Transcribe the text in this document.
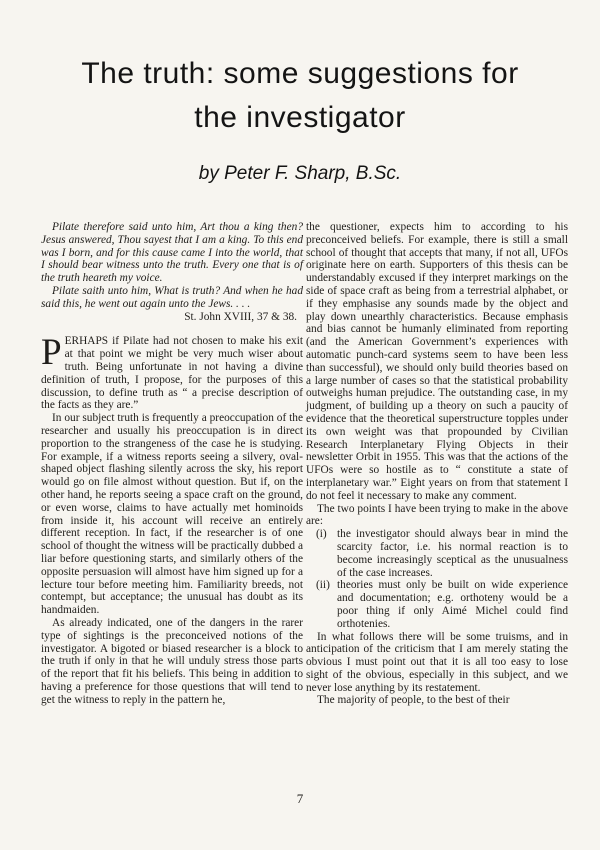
The truth: some suggestions for
the investigator
by Peter F. Sharp, B.Sc.

Pilate therefore said unto him, Art thou a king then? Jesus answered, Thou sayest that I am a king. To this end was I born, and for this cause came I into the world, that I should bear witness unto the truth. Every one that is of the truth heareth my voice.

Pilate saith unto him, What is truth? And when he had said this, he went out again unto the Jews. . . .

St. John XVIII, 37 & 38.

PERHAPS if Pilate had not chosen to make his exit at that point we might be very much wiser about truth. Being unfortunate in not having a divine definition of truth, I propose, for the purposes of this discussion, to define truth as “ a precise description of the facts as they are.”

In our subject truth is frequently a preoccupation of the researcher and usually his preoccupation is in direct proportion to the strangeness of the case he is studying. For example, if a witness reports seeing a silvery, oval-shaped object flashing silently across the sky, his report would go on file almost without question. But if, on the other hand, he reports seeing a space craft on the ground, or even worse, claims to have actually met hominoids from inside it, his account will receive an entirely different reception. In fact, if the researcher is of one school of thought the witness will be practically dubbed a liar before questioning starts, and similarly others of the opposite persuasion will almost have him signed up for a lecture tour before meeting him. Familiarity breeds, not contempt, but acceptance; the unusual has doubt as its handmaiden.

As already indicated, one of the dangers in the rarer type of sightings is the preconceived notions of the investigator. A bigoted or biased researcher is a block to the truth if only in that he will unduly stress those parts of the report that fit his beliefs. This being in addition to having a preference for those questions that will tend to get the witness to reply in the pattern he,

the questioner, expects him to according to his preconceived beliefs. For example, there is still a small school of thought that accepts that many, if not all, UFOs originate here on earth. Supporters of this thesis can be understandably excused if they interpret markings on the side of space craft as being from a terrestrial alphabet, or if they emphasise any sounds made by the object and play down unearthly characteristics. Because emphasis and bias cannot be humanly eliminated from reporting (and the American Government’s experiences with automatic punch-card systems seem to have been less than successful), we should only build theories based on a large number of cases so that the statistical probability outweighs human prejudice. The outstanding case, in my judgment, of building up a theory on such a paucity of evidence that the theoretical superstructure topples under its own weight was that propounded by Civilian Research Interplanetary Flying Objects in their newsletter Orbit in 1955. This was that the actions of the UFOs were so hostile as to “ constitute a state of interplanetary war.” Eight years on from that statement I do not feel it necessary to make any comment.

The two points I have been trying to make in the above are:

(i) the investigator should always bear in mind the scarcity factor, i.e. his normal reaction is to become increasingly sceptical as the unusualness of the case increases.
(ii) theories must only be built on wide experience and documentation; e.g. orthoteny would be a poor thing if only Aimé Michel could find orthotenies.

In what follows there will be some truisms, and in anticipation of the criticism that I am merely stating the obvious I must point out that it is all too easy to lose sight of the obvious, especially in this subject, and we never lose anything by its restatement.

The majority of people, to the best of their

7
